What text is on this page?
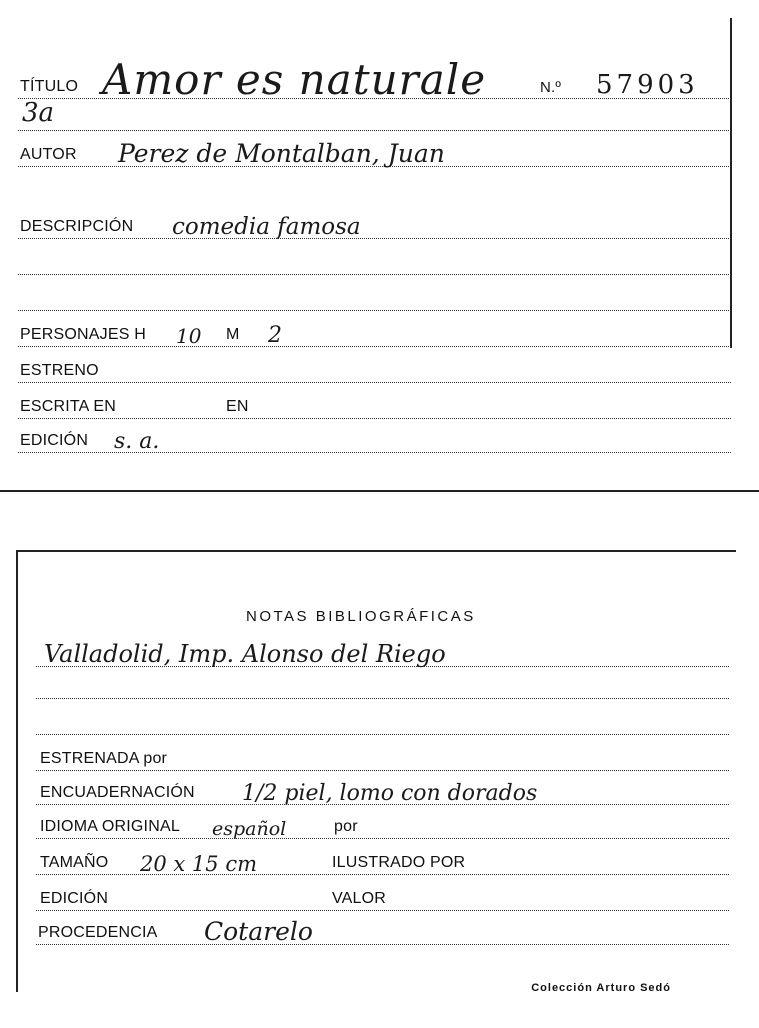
TÍTULO Amor es naturale	N.º 57903
3a
AUTOR Perez de Montalban, Juan
DESCRIPCIÓN comedia famosa
PERSONAJES H 10 M 2
ESTRENO
ESCRITA EN	EN
EDICIÓN s. a.
NOTAS BIBLIOGRÁFICAS
Valladolid, Imp. Alonso del Riego
ESTRENADA por
ENCUADERNACIÓN 1/2 piel, lomo con dorados
IDIOMA ORIGINAL español	por
TAMAÑO 20 x 15 cm	ILUSTRADO POR
EDICIÓN	VALOR
PROCEDENCIA Cotarelo
Colección Arturo Sedó
